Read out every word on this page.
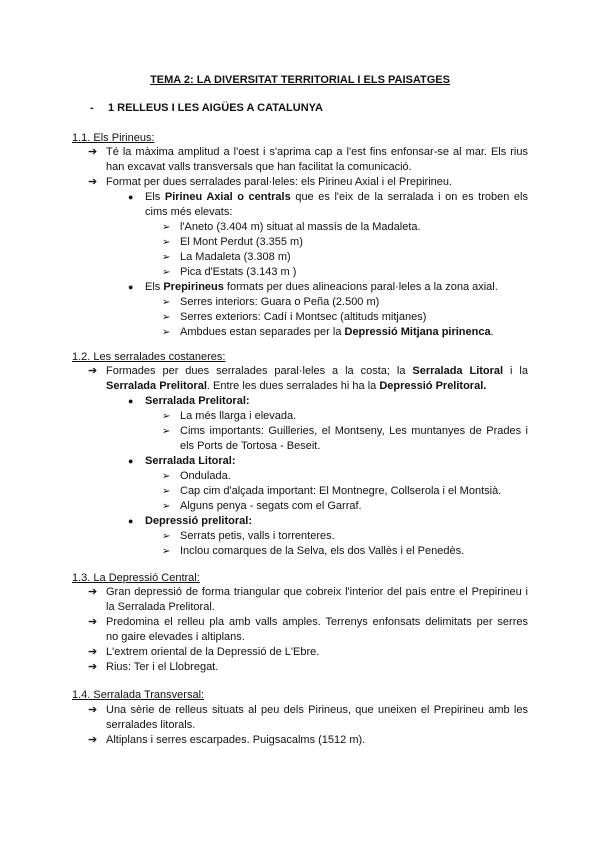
TEMA 2: LA DIVERSITAT TERRITORIAL I ELS PAISATGES
- 1 RELLEUS I LES AIGÜES A CATALUNYA
1.1. Els Pirineus:
➔ Té la màxima amplitud a l'oest i s'aprima cap a l'est fins enfonsar-se al mar. Els rius
han excavat valls transversals que han facilitat la comunicació.
➔ Format per dues serralades paral·leles: els Pirineu Axial i el Prepirineu.
● Els Pirineu Axial o centrals que es l'eix de la serralada i on es troben els
cims més elevats:
➢ l'Aneto (3.404 m) situat al massís de la Madaleta.
➢ El Mont Perdut (3.355 m)
➢ La Madaleta (3.308 m)
➢ Pica d'Estats (3.143 m )
● Els Prepirineus formats per dues alineacions paral·leles a la zona axial.
➢ Serres interiors: Guara o Peña (2.500 m)
➢ Serres exteriors: Cadí i Montsec (altituds mitjanes)
➢ Ambdues estan separades per la Depressió Mitjana pirinenca.
1.2. Les serralades costaneres:
➔ Formades per dues serralades paral·leles a la costa; la Serralada Litoral i la
Serralada Prelitoral. Entre les dues serralades hi ha la Depressió Prelitoral.
● Serralada Prelitoral:
➢ La més llarga i elevada.
➢ Cims importants: Guilleries, el Montseny, Les muntanyes de Prades i
els Ports de Tortosa - Beseit.
● Serralada Litoral:
➢ Ondulada.
➢ Cap cim d'alçada important: El Montnegre, Collserola i el Montsià.
➢ Alguns penya - segats com el Garraf.
● Depressió prelitoral:
➢ Serrats petis, valls i torrenteres.
➢ Inclou comarques de la Selva, els dos Vallès i el Penedès.
1.3. La Depressió Central:
➔ Gran depressió de forma triangular que cobreix l'interior del país entre el Prepirineu i
la Serralada Prelitoral.
➔ Predomina el relleu pla amb valls amples. Terrenys enfonsats delimitats per serres
no gaire elevades i altiplans.
➔ L'extrem oriental de la Depressió de L'Ebre.
➔ Rius: Ter i el Llobregat.
1.4. Serralada Transversal:
➔ Una sèrie de relleus situats al peu dels Pirineus, que uneixen el Prepirineu amb les
serralades litorals.
➔ Altiplans i serres escarpades. Puigsacalms (1512 m).
